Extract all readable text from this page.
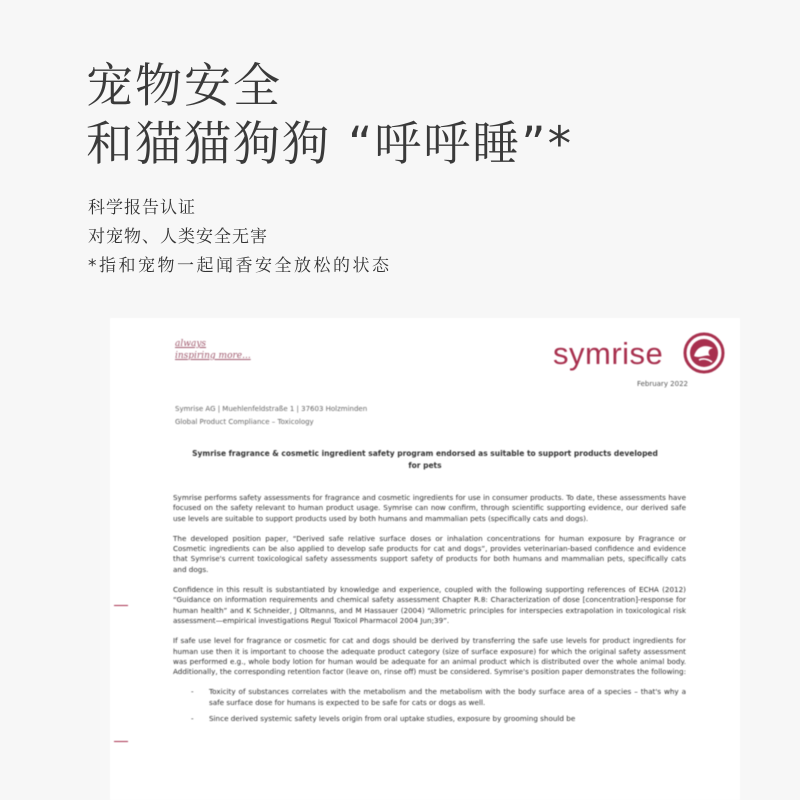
宠物安全
和猫猫狗狗 “呼呼睡”*
科学报告认证
对宠物、人类安全无害
*指和宠物一起闻香安全放松的状态
always
inspiring more...	symrise
February 2022
Symrise AG | Muehlenfeldstraße 1 | 37603 Holzminden
Global Product Compliance – Toxicology
Symrise fragrance & cosmetic ingredient safety program endorsed as suitable to support products developed for pets

Symrise performs safety assessments for fragrance and cosmetic ingredients for use in consumer products. To date, these assessments have focused on the safety relevant to human product usage. Symrise can now confirm, through scientific supporting evidence, our derived safe use levels are suitable to support products used by both humans and mammalian pets (specifically cats and dogs).

The developed position paper, “Derived safe relative surface doses or inhalation concentrations for human exposure by Fragrance or Cosmetic ingredients can be also applied to develop safe products for cat and dogs”, provides veterinarian-based confidence and evidence that Symrise's current toxicological safety assessments support safety of products for both humans and mammalian pets, specifically cats and dogs.

Confidence in this result is substantiated by knowledge and experience, coupled with the following supporting references of ECHA (2012) “Guidance on information requirements and chemical safety assessment Chapter R.8: Characterization of dose [concentration]-response for human health” and K Schneider, J Oltmanns, and M Hassauer (2004) “Allometric principles for interspecies extrapolation in toxicological risk assessment—empirical investigations Regul Toxicol Pharmacol 2004 Jun;39”.

If safe use level for fragrance or cosmetic for cat and dogs should be derived by transferring the safe use levels for product ingredients for human use then it is important to choose the adequate product category (size of surface exposure) for which the original safety assessment was performed e.g., whole body lotion for human would be adequate for an animal product which is distributed over the whole animal body. Additionally, the corresponding retention factor (leave on, rinse off) must be considered. Symrise's position paper demonstrates the following:

- Toxicity of substances correlates with the metabolism and the metabolism with the body surface area of a species – that's why a safe surface dose for humans is expected to be safe for cats or dogs as well.
- Since derived systemic safety levels origin from oral uptake studies, exposure by grooming should be
